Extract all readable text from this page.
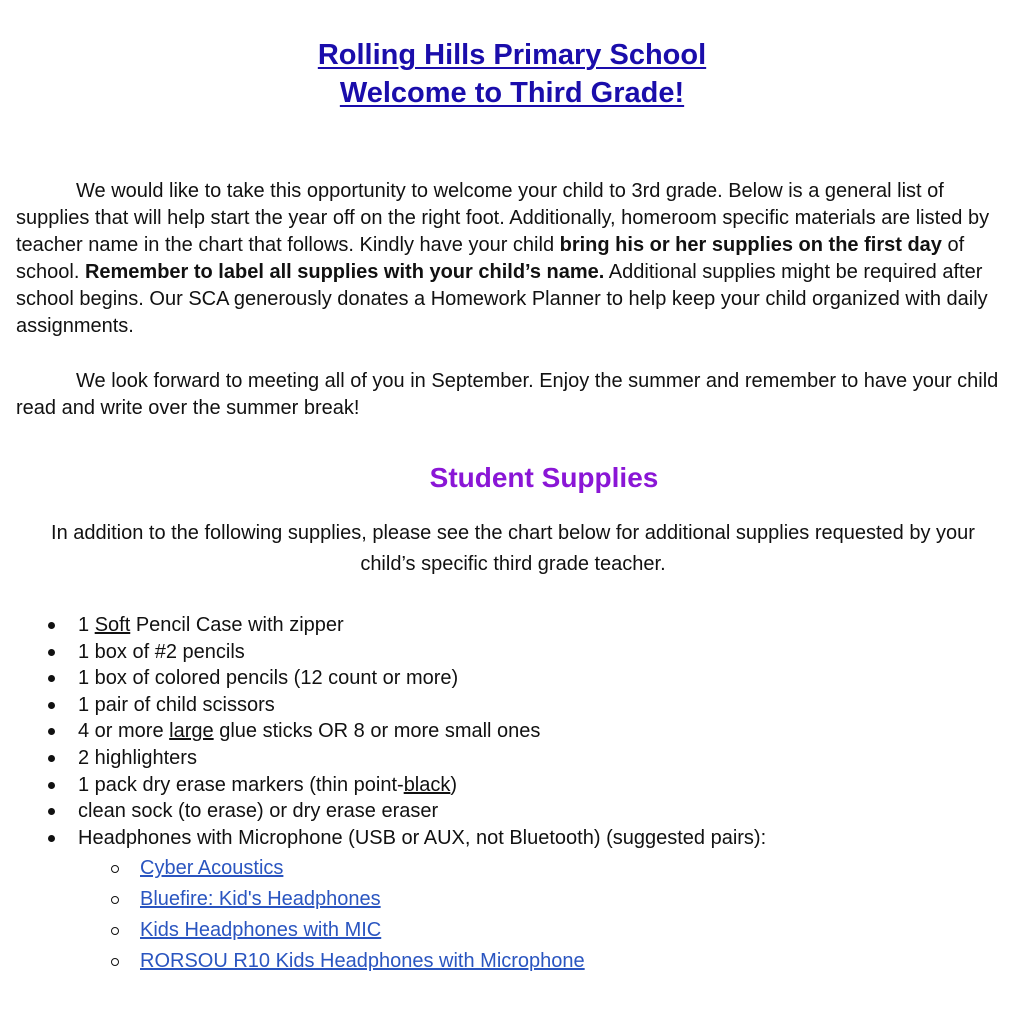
Rolling Hills Primary School
Welcome to Third Grade!

We would like to take this opportunity to welcome your child to 3rd grade. Below is a general list of supplies that will help start the year off on the right foot. Additionally, homeroom specific materials are listed by teacher name in the chart that follows. Kindly have your child bring his or her supplies on the first day of school. Remember to label all supplies with your child’s name. Additional supplies might be required after school begins. Our SCA generously donates a Homework Planner to help keep your child organized with daily assignments.

We look forward to meeting all of you in September. Enjoy the summer and remember to have your child read and write over the summer break!

Student Supplies

In addition to the following supplies, please see the chart below for additional supplies requested by your child’s specific third grade teacher.

1 Soft Pencil Case with zipper
1 box of #2 pencils
1 box of colored pencils (12 count or more)
1 pair of child scissors
4 or more large glue sticks OR 8 or more small ones
2 highlighters
1 pack dry erase markers (thin point-black)
clean sock (to erase) or dry erase eraser
Headphones with Microphone (USB or AUX, not Bluetooth) (suggested pairs):
Cyber Acoustics
Bluefire: Kid's Headphones
Kids Headphones with MIC
RORSOU R10 Kids Headphones with Microphone
